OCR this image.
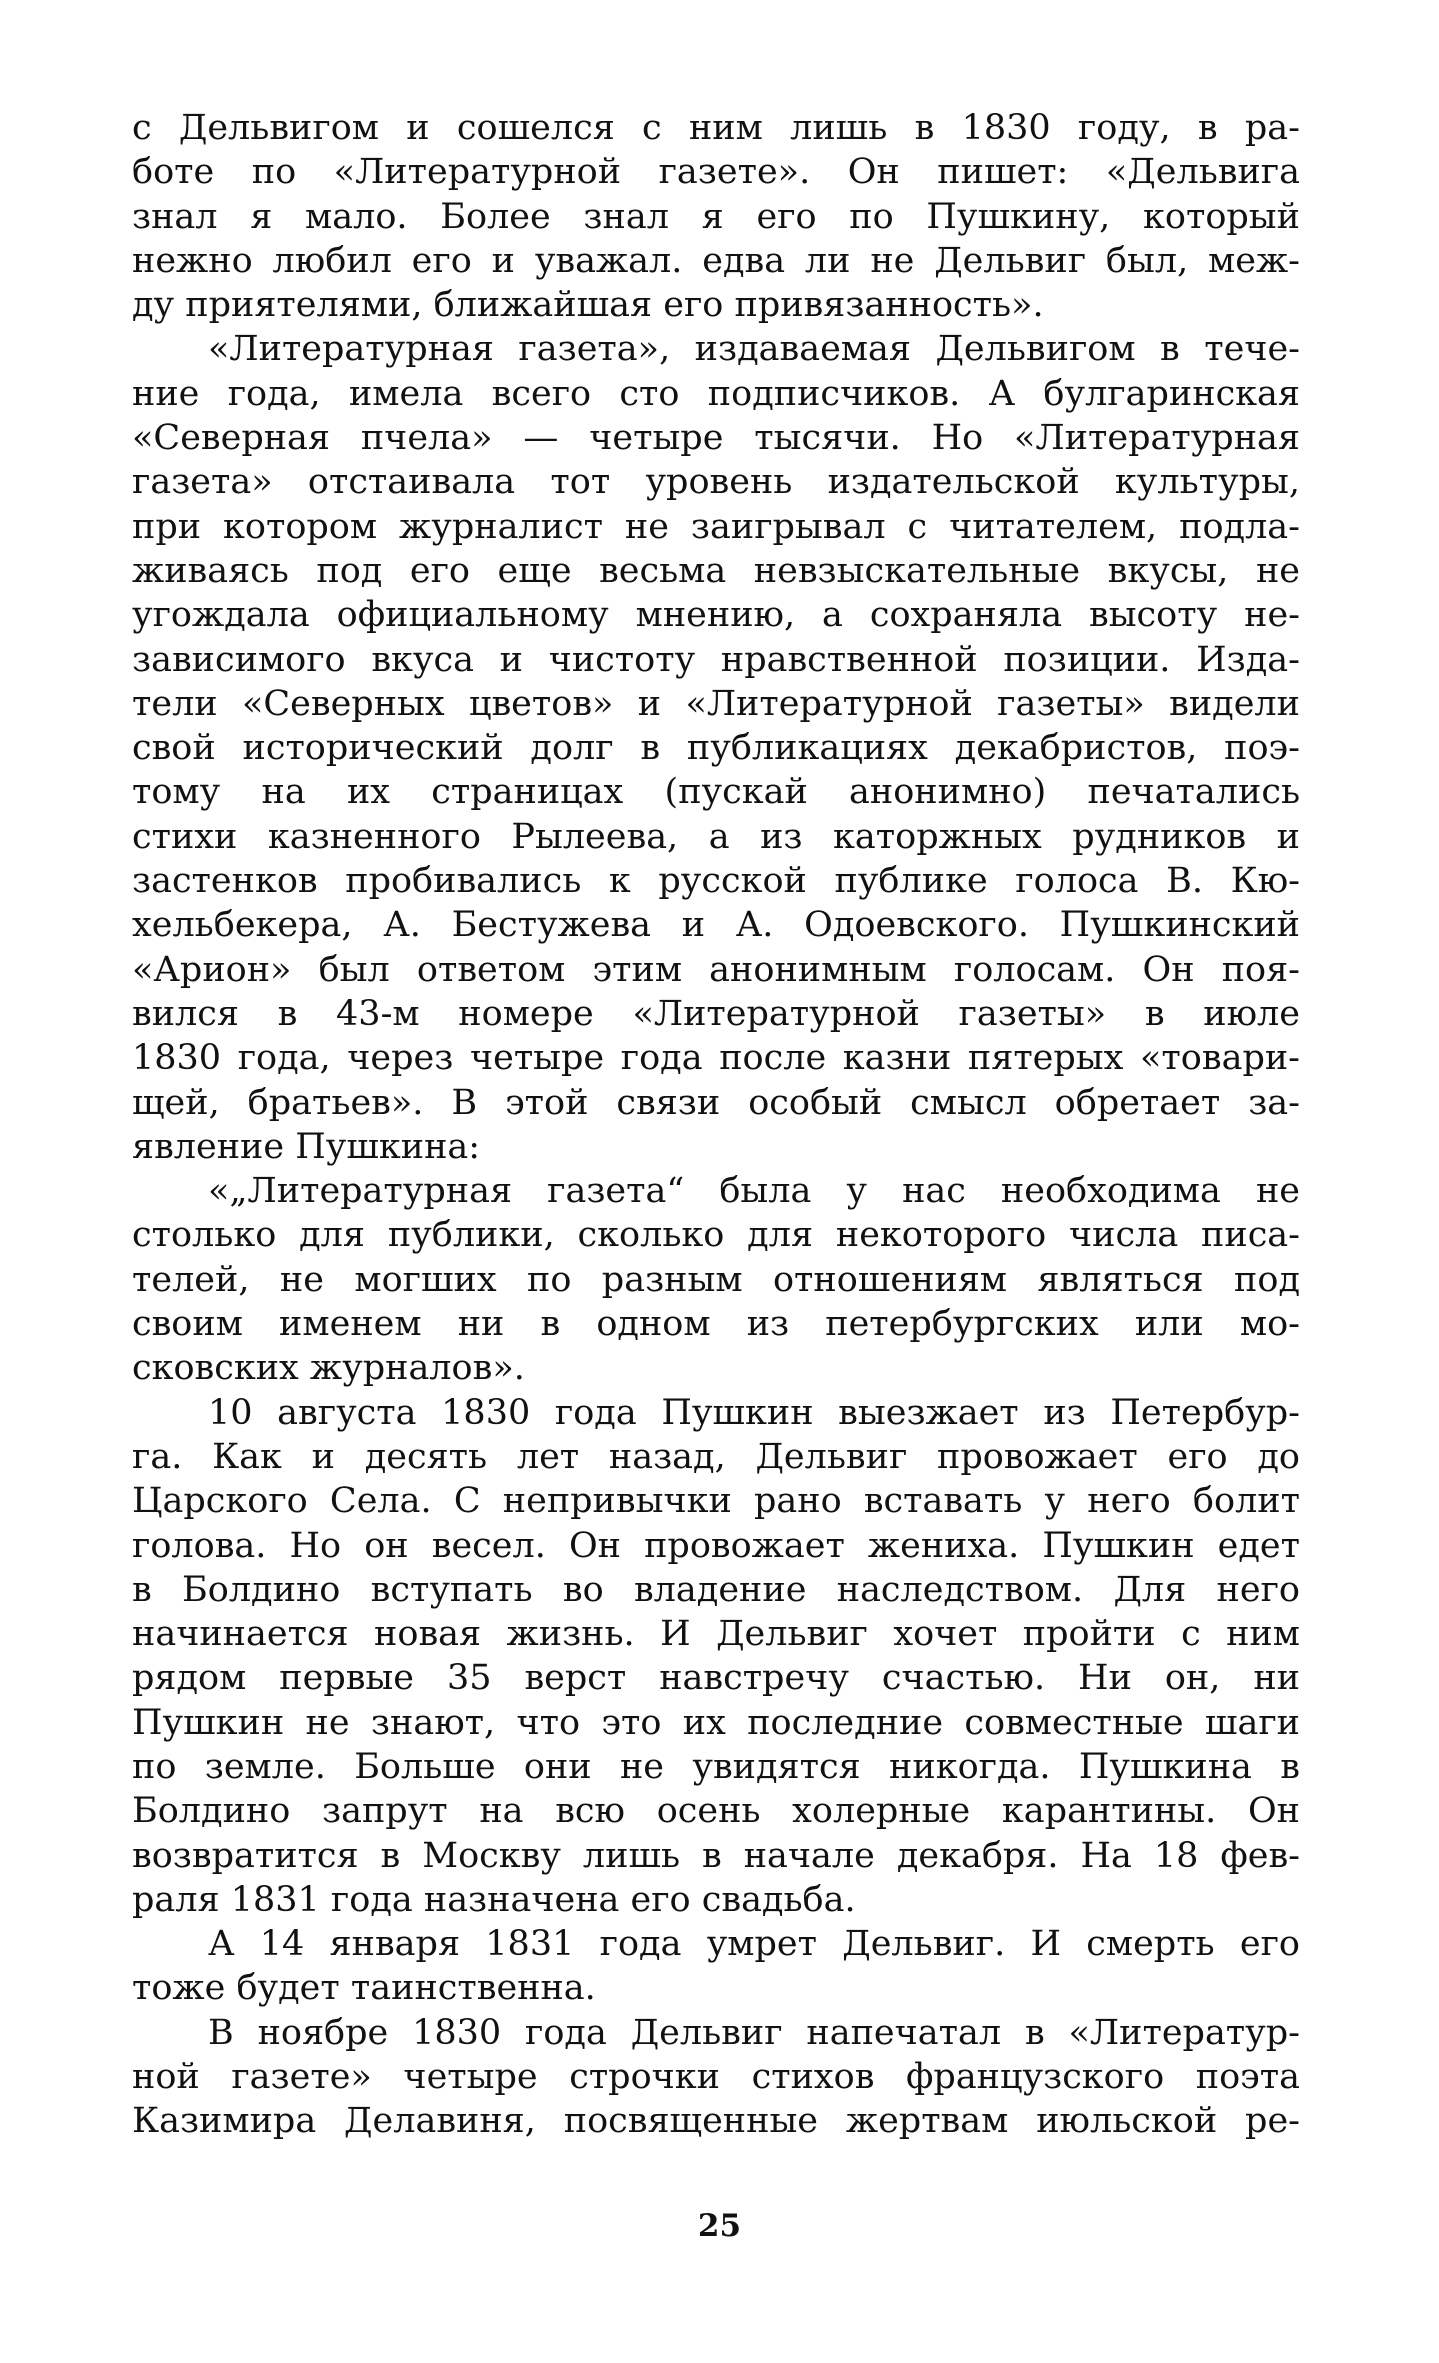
с Дельвигом и сошелся с ним лишь в 1830 году, в ра-
боте по «Литературной газете». Он пишет: «Дельвига
знал я мало. Более знал я его по Пушкину, который
нежно любил его и уважал. едва ли не Дельвиг был, меж-
ду приятелями, ближайшая его привязанность».
«Литературная газета», издаваемая Дельвигом в тече-
ние года, имела всего сто подписчиков. А булгаринская
«Северная пчела» — четыре тысячи. Но «Литературная
газета» отстаивала тот уровень издательской культуры,
при котором журналист не заигрывал с читателем, подла-
живаясь под его еще весьма невзыскательные вкусы, не
угождала официальному мнению, а сохраняла высоту не-
зависимого вкуса и чистоту нравственной позиции. Изда-
тели «Северных цветов» и «Литературной газеты» видели
свой исторический долг в публикациях декабристов, поэ-
тому на их страницах (пускай анонимно) печатались
стихи казненного Рылеева, а из каторжных рудников и
застенков пробивались к русской публике голоса В. Кю-
хельбекера, А. Бестужева и А. Одоевского. Пушкинский
«Арион» был ответом этим анонимным голосам. Он поя-
вился в 43-м номере «Литературной газеты» в июле
1830 года, через четыре года после казни пятерых «товари-
щей, братьев». В этой связи особый смысл обретает за-
явление Пушкина:
«„Литературная газета“ была у нас необходима не
столько для публики, сколько для некоторого числа писа-
телей, не могших по разным отношениям являться под
своим именем ни в одном из петербургских или мо-
сковских журналов».
10 августа 1830 года Пушкин выезжает из Петербур-
га. Как и десять лет назад, Дельвиг провожает его до
Царского Села. С непривычки рано вставать у него болит
голова. Но он весел. Он провожает жениха. Пушкин едет
в Болдино вступать во владение наследством. Для него
начинается новая жизнь. И Дельвиг хочет пройти с ним
рядом первые 35 верст навстречу счастью. Ни он, ни
Пушкин не знают, что это их последние совместные шаги
по земле. Больше они не увидятся никогда. Пушкина в
Болдино запрут на всю осень холерные карантины. Он
возвратится в Москву лишь в начале декабря. На 18 фев-
раля 1831 года назначена его свадьба.
А 14 января 1831 года умрет Дельвиг. И смерть его
тоже будет таинственна.
В ноябре 1830 года Дельвиг напечатал в «Литератур-
ной газете» четыре строчки стихов французского поэта
Казимира Делавиня, посвященные жертвам июльской ре-
25
